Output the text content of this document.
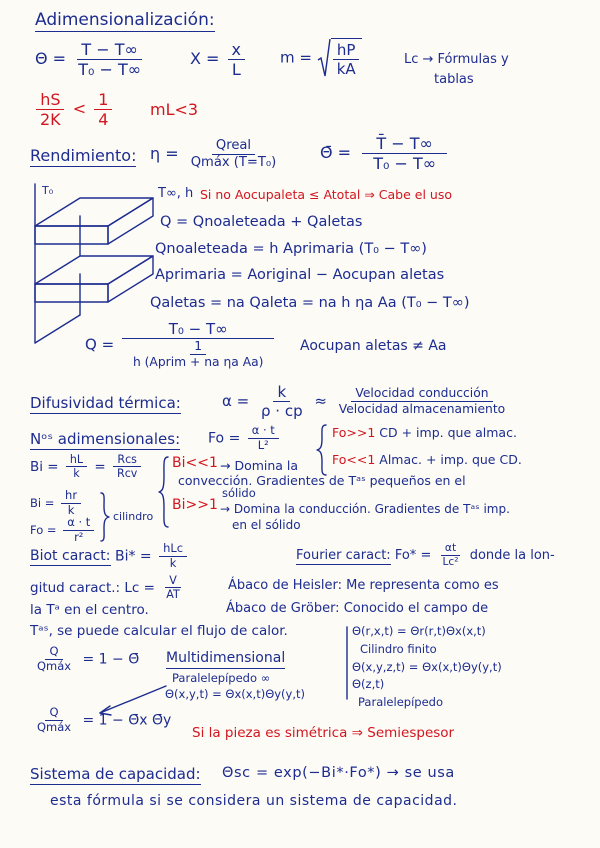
Adimensionalización:
$\Theta = \frac{T - T\infty}{\text{T₀ − T∞}}$	$X = \frac{x}{L}$ $m = \frac{hP}{kA}$	Lc → Fórmulas y
tablas
$\frac{hS}{2K} < \frac{1}{4} mL<3$
Rendimiento: $\eta = \frac{\text{Qreal}}{\text{Qmáx (T=T₀)}}$ Θ̄ = $\frac{T̄ - T\infty}{\text{T₀ − T∞}}$
T₀	T∞, h Si no Aocupaleta ≤ Atotal ⇒ Cabe el uso
Q = Qnoaleteada + Qaletas
Qnoaleteada = h Aprimaria (T₀ − T∞)
Aprimaria = Aoriginal − Aocupan aletas
Qaletas = na Qaleta = na h ηa Aa (T₀ − T∞)
$Q = \frac{\text{T₀ − T∞}}{\frac{1}{\text{h (Aprim + na ηa Aa)}}}$ Aocupan aletas ≠ Aa
Difusividad térmica:	$\alpha = \frac{k}{\rho \cdot cp} \approx \frac{\text{Velocidad conducción}}{\text{Velocidad almacenamiento}}$
Nᵒˢ adimensionales: $Fo = \frac{\alpha \cdot t}{\text{L²}}$	Fo>>1 CD + imp. que almac.
Fo<<1 Almac. + imp. que CD.
$Bi = \frac{hL}{k} = \frac{\text{Rcs}}{\text{Rcv}} Bi<<1 \to Domina$ la
convección. Gradientes de Tᵃˢ pequeños en el
sólido
Bi>>1 → Domina la conducción. Gradientes de Tᵃˢ imp.
en el sólido
$Bi = \frac{hr}{k}$
$Fo = \frac{\alpha \cdot t}{\text{r²}}$ cilindro
Biot caract: $Bi* = \frac{\text{hLc}}{k}$	Fourier caract: $Fo* = \frac{\alpha t}{\text{Lc²}}$ donde la lon-
gitud caract.: $Lc = \frac{V}{AT}$	Ábaco de Heisler: Me representa como es
la Tᵃ en el centro.	Ábaco de Gröber: Conocido el campo de
Tᵃˢ, se puede calcular el flujo de calor.	Θ(r,x,t) = Θr(r,t)Θx(x,t)
Cilindro finito
Θ(x,y,z,t) = Θx(x,t)Θy(y,t)
Θ(z,t)
Paralelepípedo
$\frac{Q}{\text{Qmáx}} = 1$ − Θ̄ Multidimensional
Paralelepípedo ∞
Θ(x,y,t) = Θx(x,t)Θy(y,t)
$\frac{Q}{\text{Qmáx}} = 1$ − Θ̄x Θ̄y
Si la pieza es simétrica ⇒ Semiespesor
Sistema de capacidad: Θsc = exp(−Bi*·Fo*) → se usa
esta fórmula si se considera un sistema de capacidad.
